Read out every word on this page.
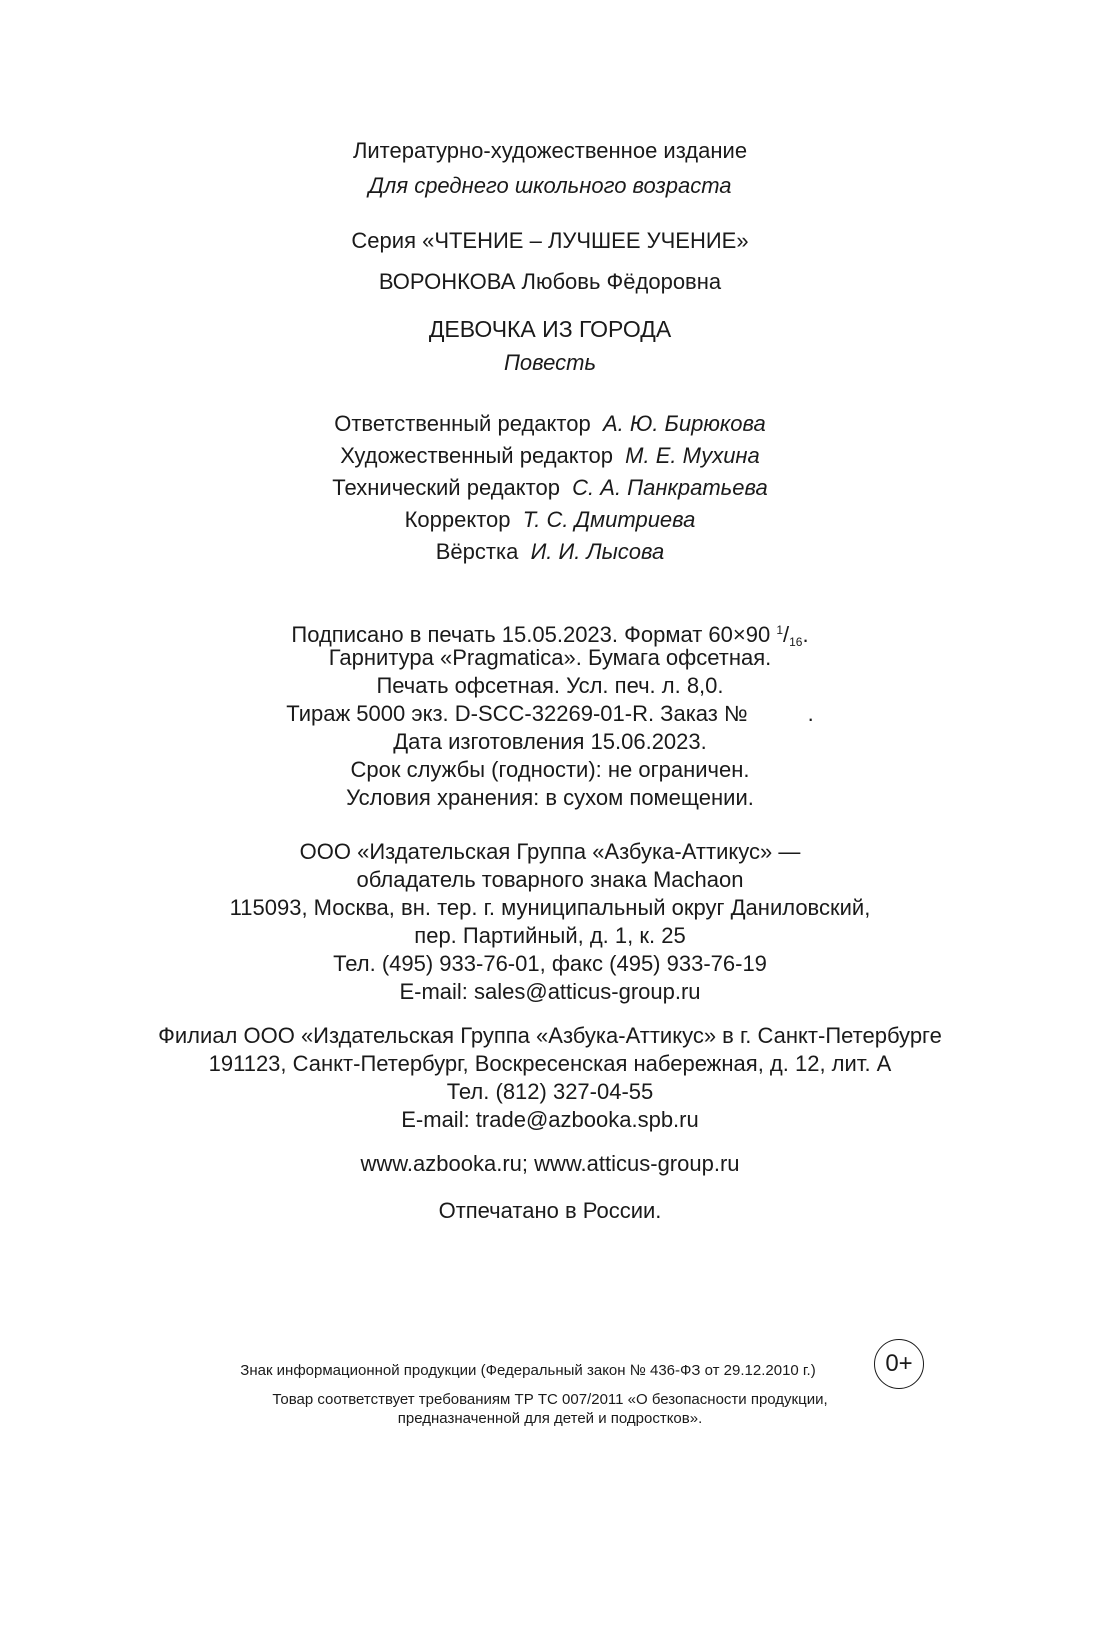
Литературно-художественное издание
Для среднего школьного возраста
Серия «ЧТЕНИЕ – ЛУЧШЕЕ УЧЕНИЕ»
ВОРОНКОВА Любовь Фёдоровна
ДЕВОЧКА ИЗ ГОРОДА
Повесть
Ответственный редактор А. Ю. Бирюкова
Художественный редактор М. Е. Мухина
Технический редактор С. А. Панкратьева
Корректор Т. С. Дмитриева
Вёрстка И. И. Лысова
Подписано в печать 15.05.2023. Формат 60×90 $^1/_{16}$.
Гарнитура «Pragmatica». Бумага офсетная.
Печать офсетная. Усл. печ. л. 8,0.
Тираж 5000 экз. D-SCC-32269-01-R. Заказ №	.
Дата изготовления 15.06.2023.
Срок службы (годности): не ограничен.
Условия хранения: в сухом помещении.
ООО «Издательская Группа «Азбука-Аттикус» —
обладатель товарного знака Machaon
115093, Москва, вн. тер. г. муниципальный округ Даниловский,
пер. Партийный, д. 1, к. 25
Тел. (495) 933-76-01, факс (495) 933-76-19
E-mail: sales@atticus-group.ru
Филиал ООО «Издательская Группа «Азбука-Аттикус» в г. Санкт-Петербурге
191123, Санкт-Петербург, Воскресенская набережная, д. 12, лит. А
Тел. (812) 327-04-55
E-mail: trade@azbooka.spb.ru
www.azbooka.ru; www.atticus-group.ru
Отпечатано в России.
Знак информационной продукции (Федеральный закон № 436-ФЗ от 29.12.2010 г.)	0+
Товар соответствует требованиям ТР ТС 007/2011 «О безопасности продукции,
предназначенной для детей и подростков».
